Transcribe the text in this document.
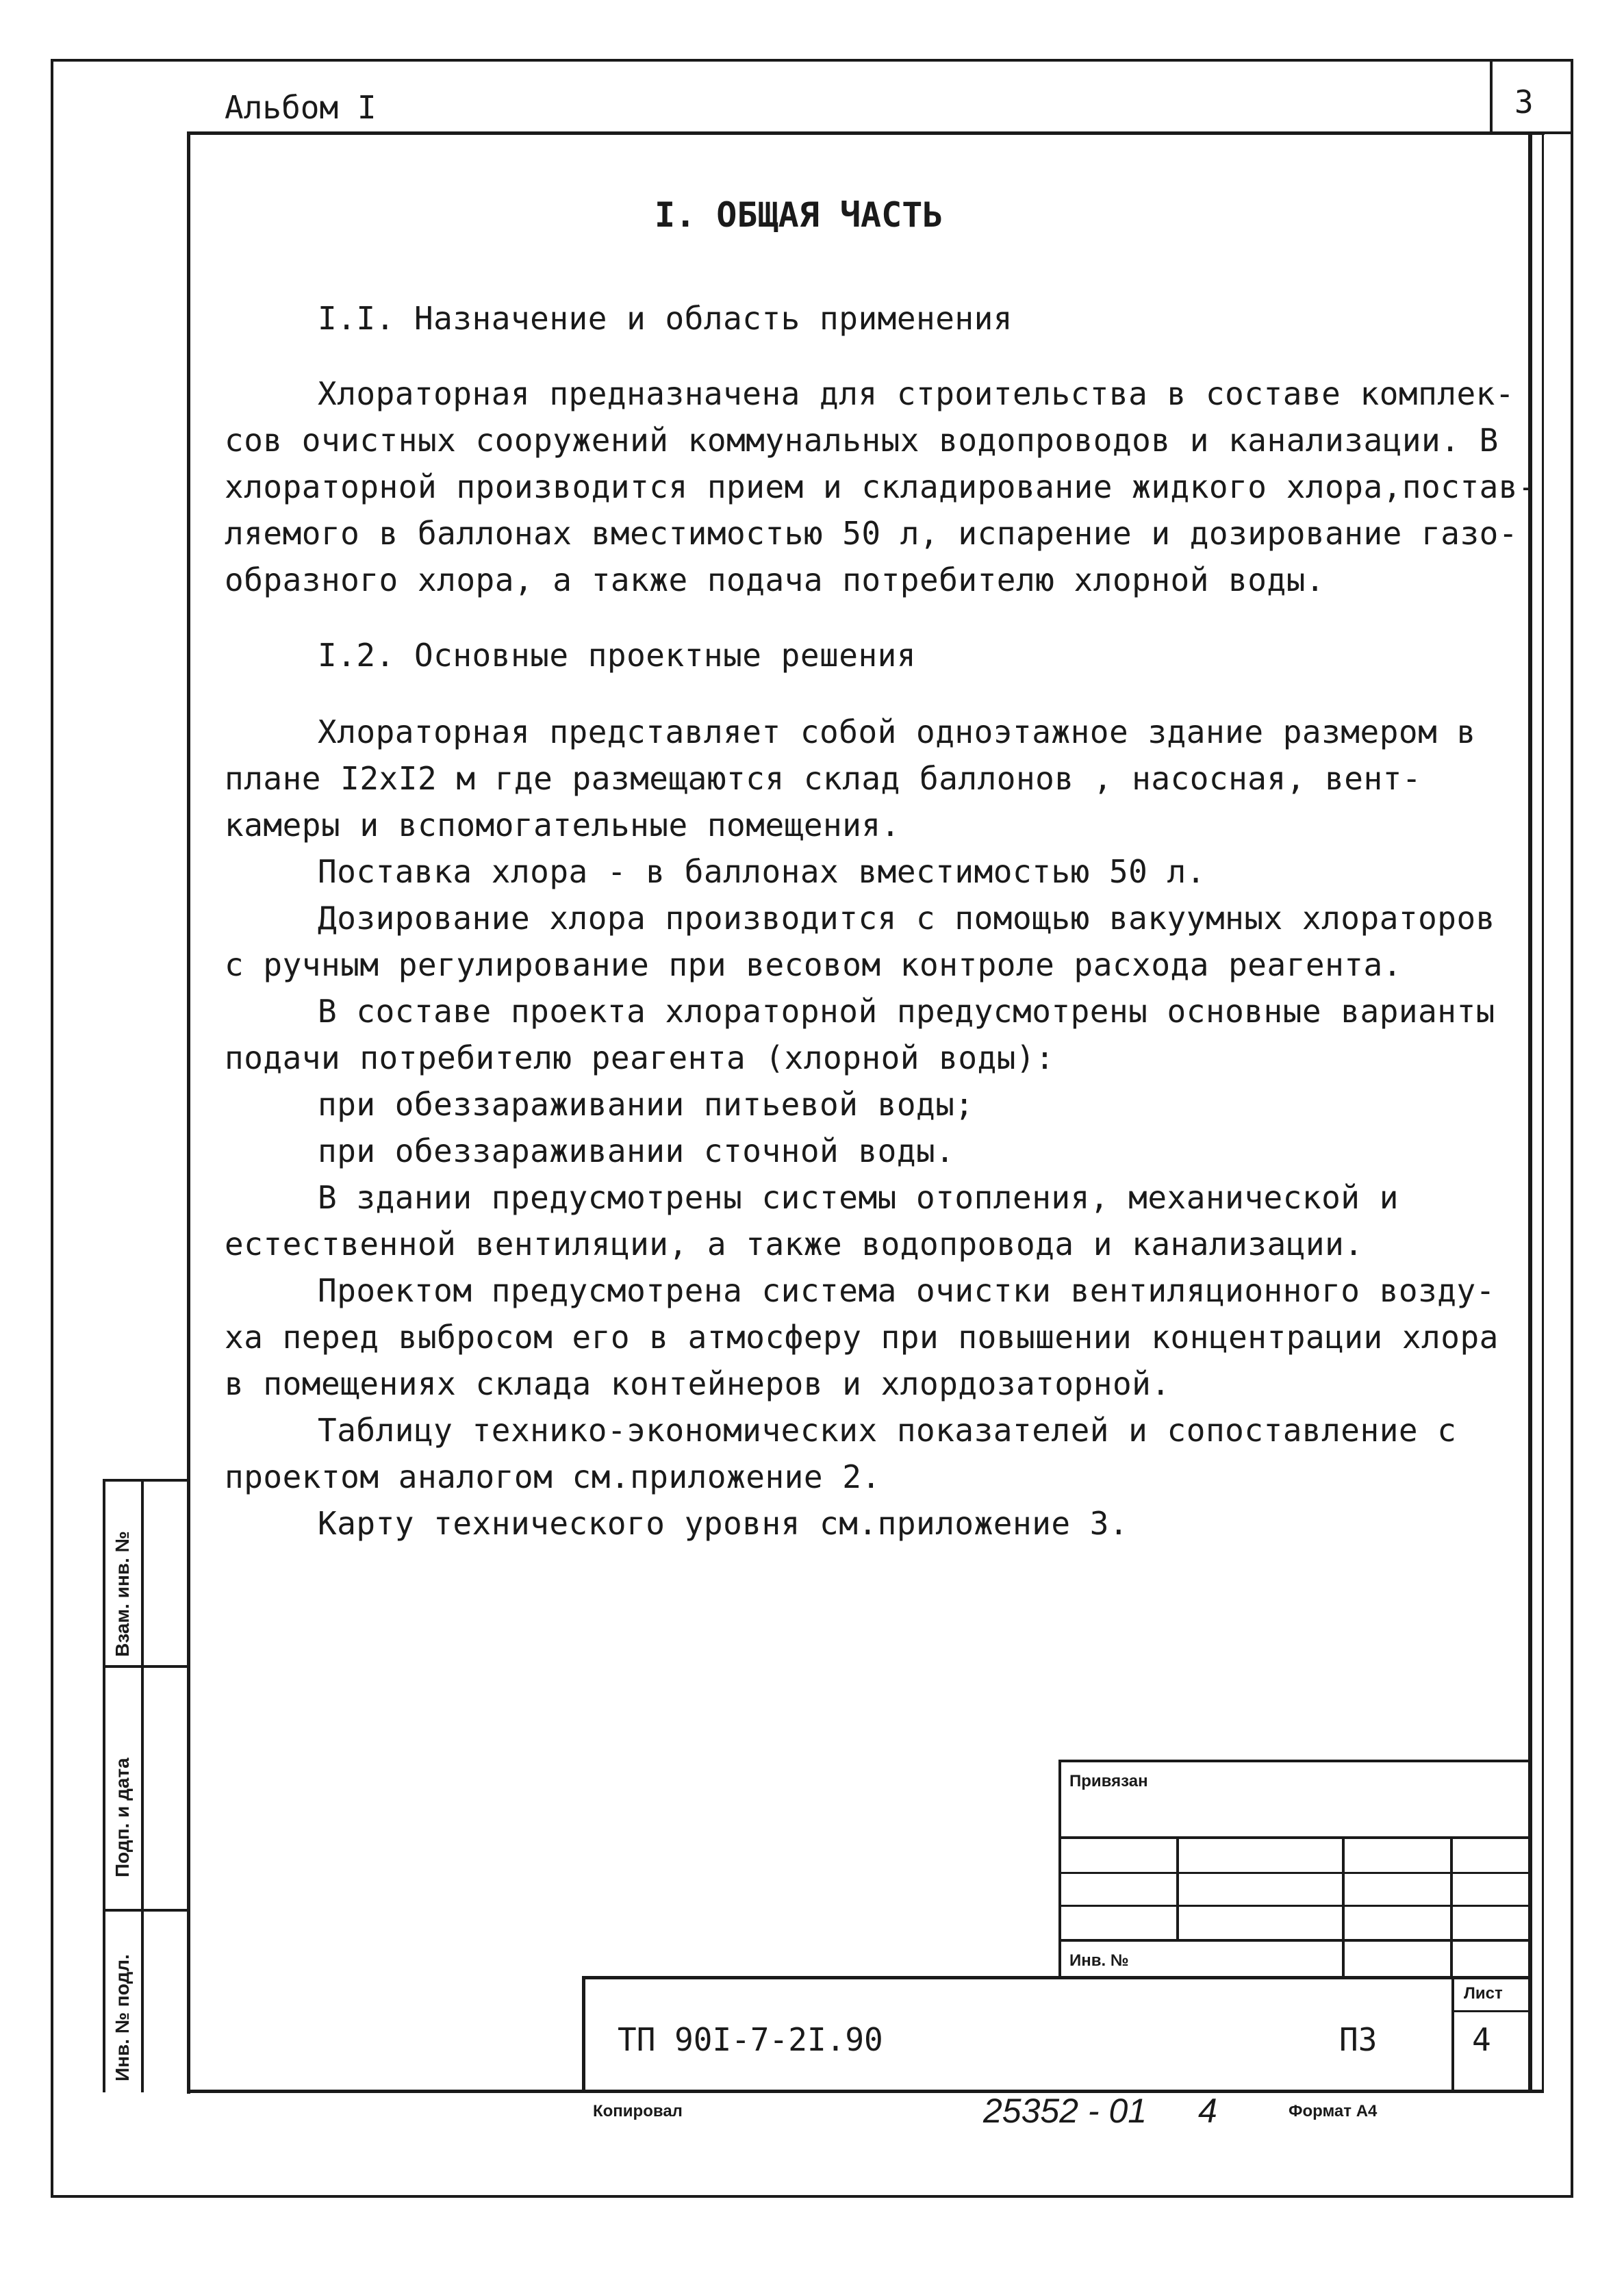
Альбом I	3
I. ОБЩАЯ ЧАСТЬ
I.I. Назначение и область применения
Хлораторная предназначена для строительства в составе комплек-
сов очистных сооружений коммунальных водопроводов и канализации. В
хлораторной производится прием и складирование жидкого хлора,постав-
ляемого в баллонах вместимостью 50 л, испарение и дозирование газо-
образного хлора, а также подача потребителю хлорной воды.
I.2. Основные проектные решения
Хлораторная представляет собой одноэтажное здание размером в
плане I2xI2 м где размещаются склад баллонов , насосная, вент-
камеры и вспомогательные помещения.
Поставка хлора - в баллонах вместимостью 50 л.
Дозирование хлора производится с помощью вакуумных хлораторов
с ручным регулирование при весовом контроле расхода реагента.
В составе проекта хлораторной предусмотрены основные варианты
подачи потребителю реагента (хлорной воды):
при обеззараживании питьевой воды;
при обеззараживании сточной воды.
В здании предусмотрены системы отопления, механической и
естественной вентиляции, а также водопровода и канализации.
Проектом предусмотрена система очистки вентиляционного возду-
ха перед выбросом его в атмосферу при повышении концентрации хлора
в помещениях склада контейнеров и хлордозаторной.
Таблицу технико-экономических показателей и сопоставление с
проектом аналогом см.приложение 2.
Карту технического уровня см.приложение 3.
Взам. инв. №
Подп. и дата
Инв. № подл.
Привязан
Инв. №
ТП 90I-7-2I.90	ПЗ
Лист
4
Копировал	25352 - 01 4	Формат А4
